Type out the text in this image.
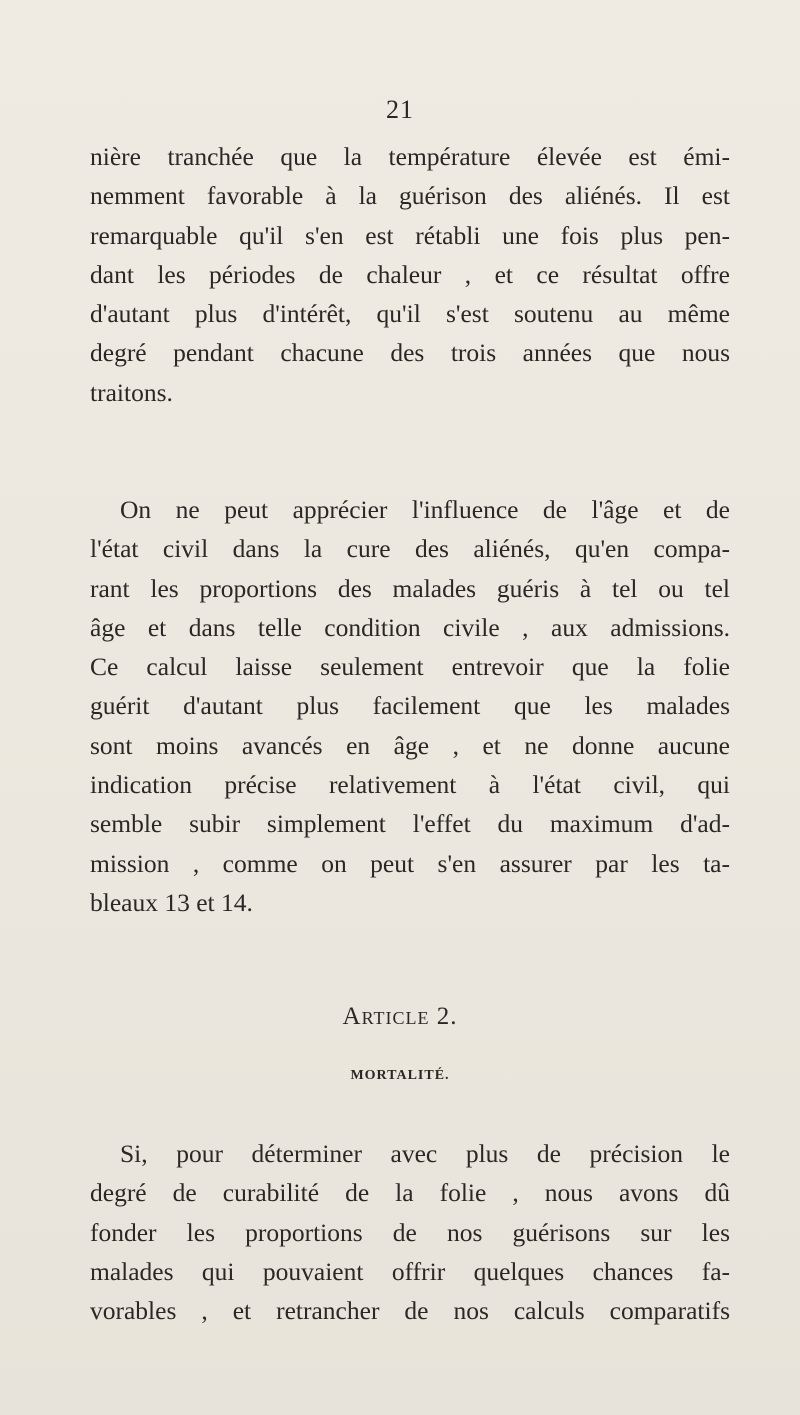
21
nière tranchée que la température élevée est émi-
nemment favorable à la guérison des aliénés. Il est
remarquable qu'il s'en est rétabli une fois plus pen-
dant les périodes de chaleur , et ce résultat offre
d'autant plus d'intérêt, qu'il s'est soutenu au même
degré pendant chacune des trois années que nous
traitons.
On ne peut apprécier l'influence de l'âge et de
l'état civil dans la cure des aliénés, qu'en compa-
rant les proportions des malades guéris à tel ou tel
âge et dans telle condition civile , aux admissions.
Ce calcul laisse seulement entrevoir que la folie
guérit d'autant plus facilement que les malades
sont moins avancés en âge , et ne donne aucune
indication précise relativement à l'état civil, qui
semble subir simplement l'effet du maximum d'ad-
mission , comme on peut s'en assurer par les ta-
bleaux 13 et 14.
Article 2.
MORTALITÉ.
Si, pour déterminer avec plus de précision le
degré de curabilité de la folie , nous avons dû
fonder les proportions de nos guérisons sur les
malades qui pouvaient offrir quelques chances fa-
vorables , et retrancher de nos calculs comparatifs
